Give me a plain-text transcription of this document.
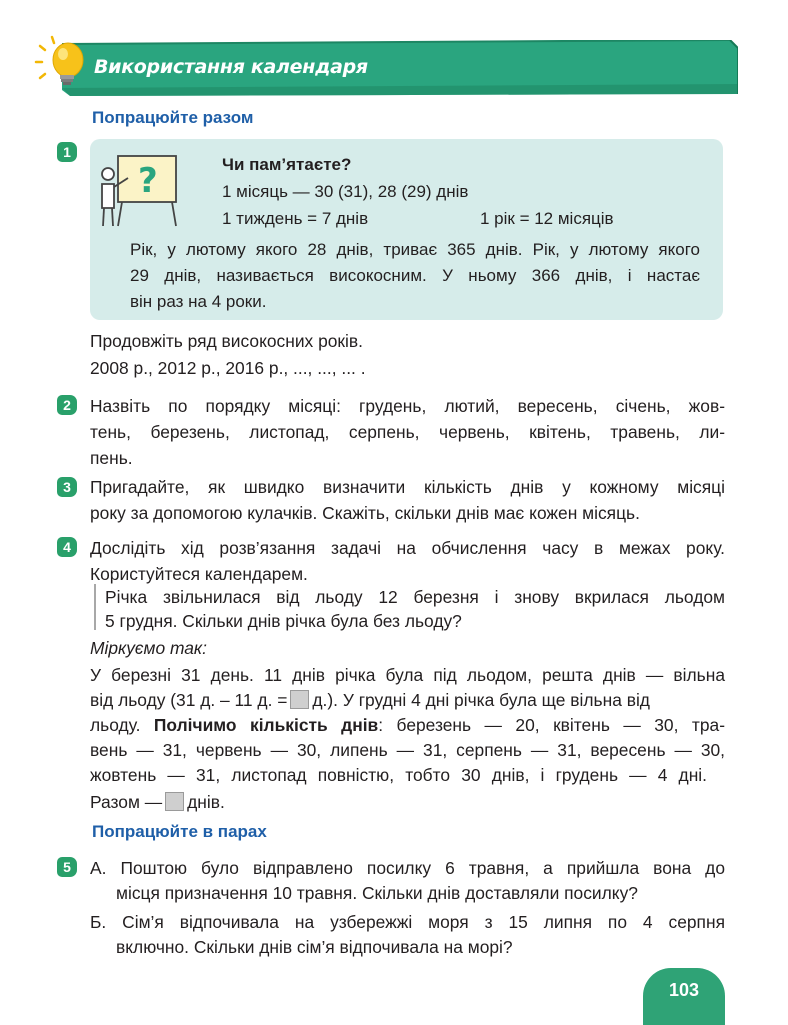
Використання календаря
Попрацюйте разом
1
?	Чи пам’ятаєте?
1 місяць — 30 (31), 28 (29) днів
1 тиждень = 7 днів	1 рік = 12 місяців
Рік, у лютому якого 28 днів, триває 365 днів. Рік, у лютому якого
29 днів, називається високосним. У ньому 366 днів, і настає
він раз на 4 роки.
Продовжіть ряд високосних років.
2008 р., 2012 р., 2016 р., ..., ..., ... .
2	Назвіть по порядку місяці: грудень, лютий, вересень, січень, жов-
тень, березень, листопад, серпень, червень, квітень, травень, ли-
пень.
3	Пригадайте, як швидко визначити кількість днів у кожному місяці
року за допомогою кулачків. Скажіть, скільки днів має кожен місяць.
4	Дослідіть хід розв’язання задачі на обчислення часу в межах року.
Користуйтеся календарем.
Річка звільнилася від льоду 12 березня і знову вкрилася льодом
5 грудня. Скільки днів річка була без льоду?
Міркуємо так:
У березні 31 день. 11 днів річка була під льодом, решта днів — вільна
від льоду (31 д. – 11 д. = д.). У грудні 4 дні річка була ще вільна від
льоду. Полічимо кількість днів: березень — 20, квітень — 30, тра-
вень — 31, червень — 30, липень — 31, серпень — 31, вересень — 30,
жовтень — 31, листопад повністю, тобто 30 днів, і грудень — 4 дні.
Разом — днів.
Попрацюйте в парах
5	А. Поштою було відправлено посилку 6 травня, а прийшла вона до
місця призначення 10 травня. Скільки днів доставляли посилку?
Б. Сім’я відпочивала на узбережжі моря з 15 липня по 4 серпня
включно. Скільки днів сім’я відпочивала на морі?
103
